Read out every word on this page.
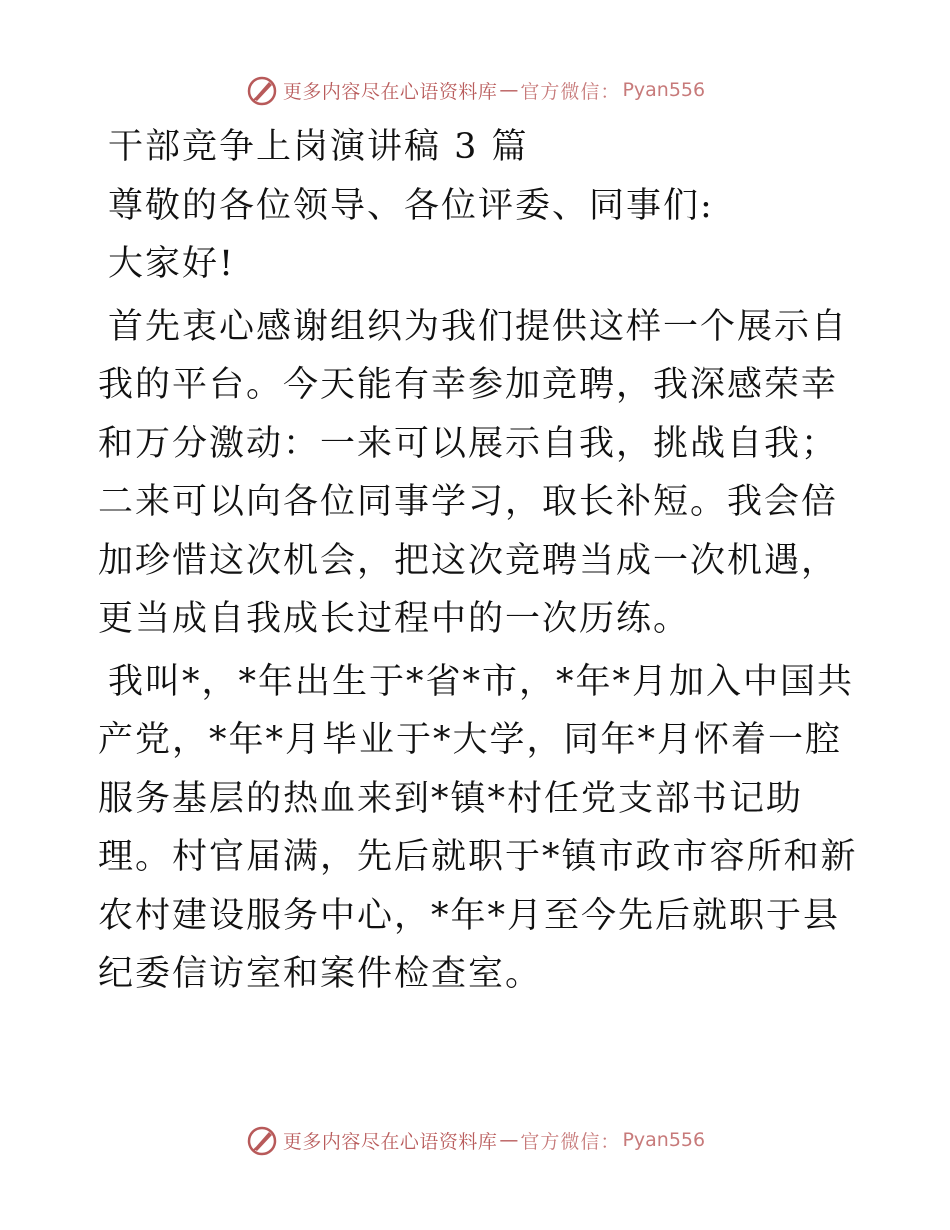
更多内容尽在心语资料库 — 官方微信： Pyan556

干部竞争上岗演讲稿 3 篇

尊敬的各位领导、各位评委、同事们:

大家好!

首先衷心感谢组织为我们提供这样一个展示自我的平台。今天能有幸参加竞聘，我深感荣幸和万分激动：一来可以展示自我，挑战自我；二来可以向各位同事学习，取长补短。我会倍加珍惜这次机会，把这次竞聘当成一次机遇，更当成自我成长过程中的一次历练。

我叫*，*年出生于*省*市，*年*月加入中国共产党，*年*月毕业于*大学，同年*月怀着一腔服务基层的热血来到*镇*村任党支部书记助理。村官届满，先后就职于*镇市政市容所和新农村建设服务中心，*年*月至今先后就职于县纪委信访室和案件检查室。

更多内容尽在心语资料库 — 官方微信： Pyan556
